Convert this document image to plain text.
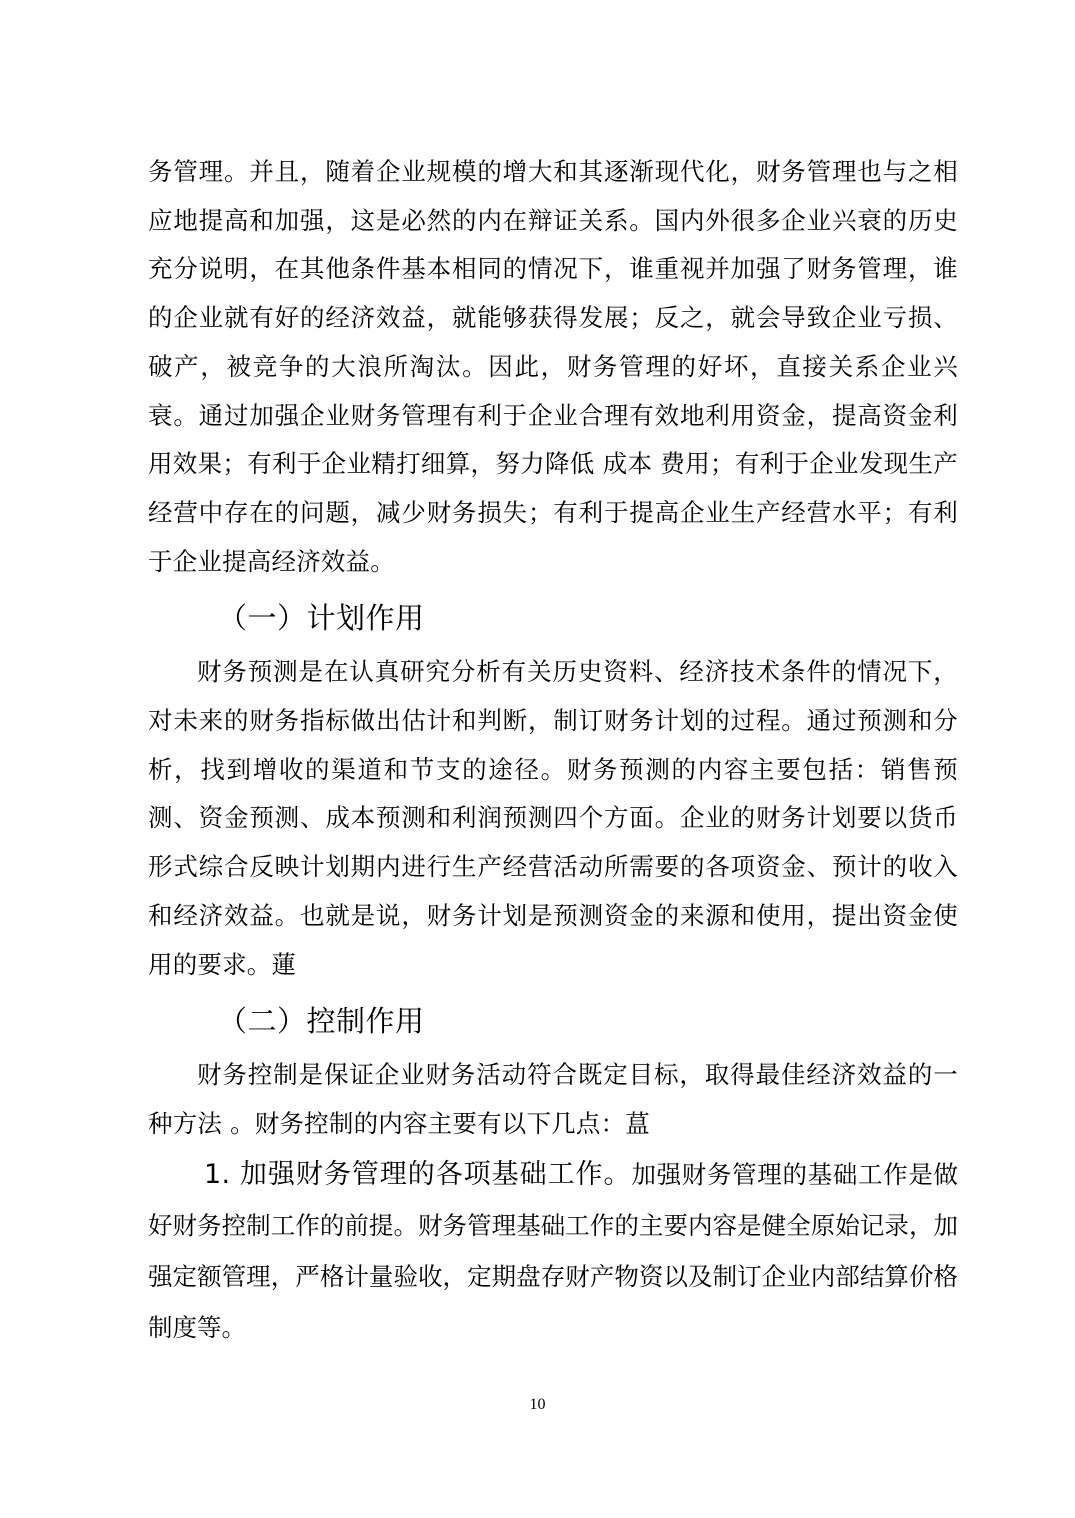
务管理。并且，随着企业规模的增大和其逐渐现代化，财务管理也与之相应地提高和加强，这是必然的内在辩证关系。国内外很多企业兴衰的历史充分说明，在其他条件基本相同的情况下，谁重视并加强了财务管理，谁的企业就有好的经济效益，就能够获得发展；反之，就会导致企业亏损、破产，被竞争的大浪所淘汰。因此，财务管理的好坏，直接关系企业兴衰。通过加强企业财务管理有利于企业合理有效地利用资金，提高资金利用效果；有利于企业精打细算，努力降低 成本 费用；有利于企业发现生产经营中存在的问题，减少财务损失；有利于提高企业生产经营水平；有利于企业提高经济效益。

（一）计划作用

财务预测是在认真研究分析有关历史资料、经济技术条件的情况下，对未来的财务指标做出估计和判断，制订财务计划的过程。通过预测和分析，找到增收的渠道和节支的途径。财务预测的内容主要包括：销售预测、资金预测、成本预测和利润预测四个方面。企业的财务计划要以货币形式综合反映计划期内进行生产经营活动所需要的各项资金、预计的收入和经济效益。也就是说，财务计划是预测资金的来源和使用，提出资金使用的要求。蓮

（二）控制作用

财务控制是保证企业财务活动符合既定目标，取得最佳经济效益的一种方法 。财务控制的内容主要有以下几点：蒀

1. 加强财务管理的各项基础工作。加强财务管理的基础工作是做好财务控制工作的前提。财务管理基础工作的主要内容是健全原始记录，加强定额管理，严格计量验收，定期盘存财产物资以及制订企业内部结算价格制度等。

10
